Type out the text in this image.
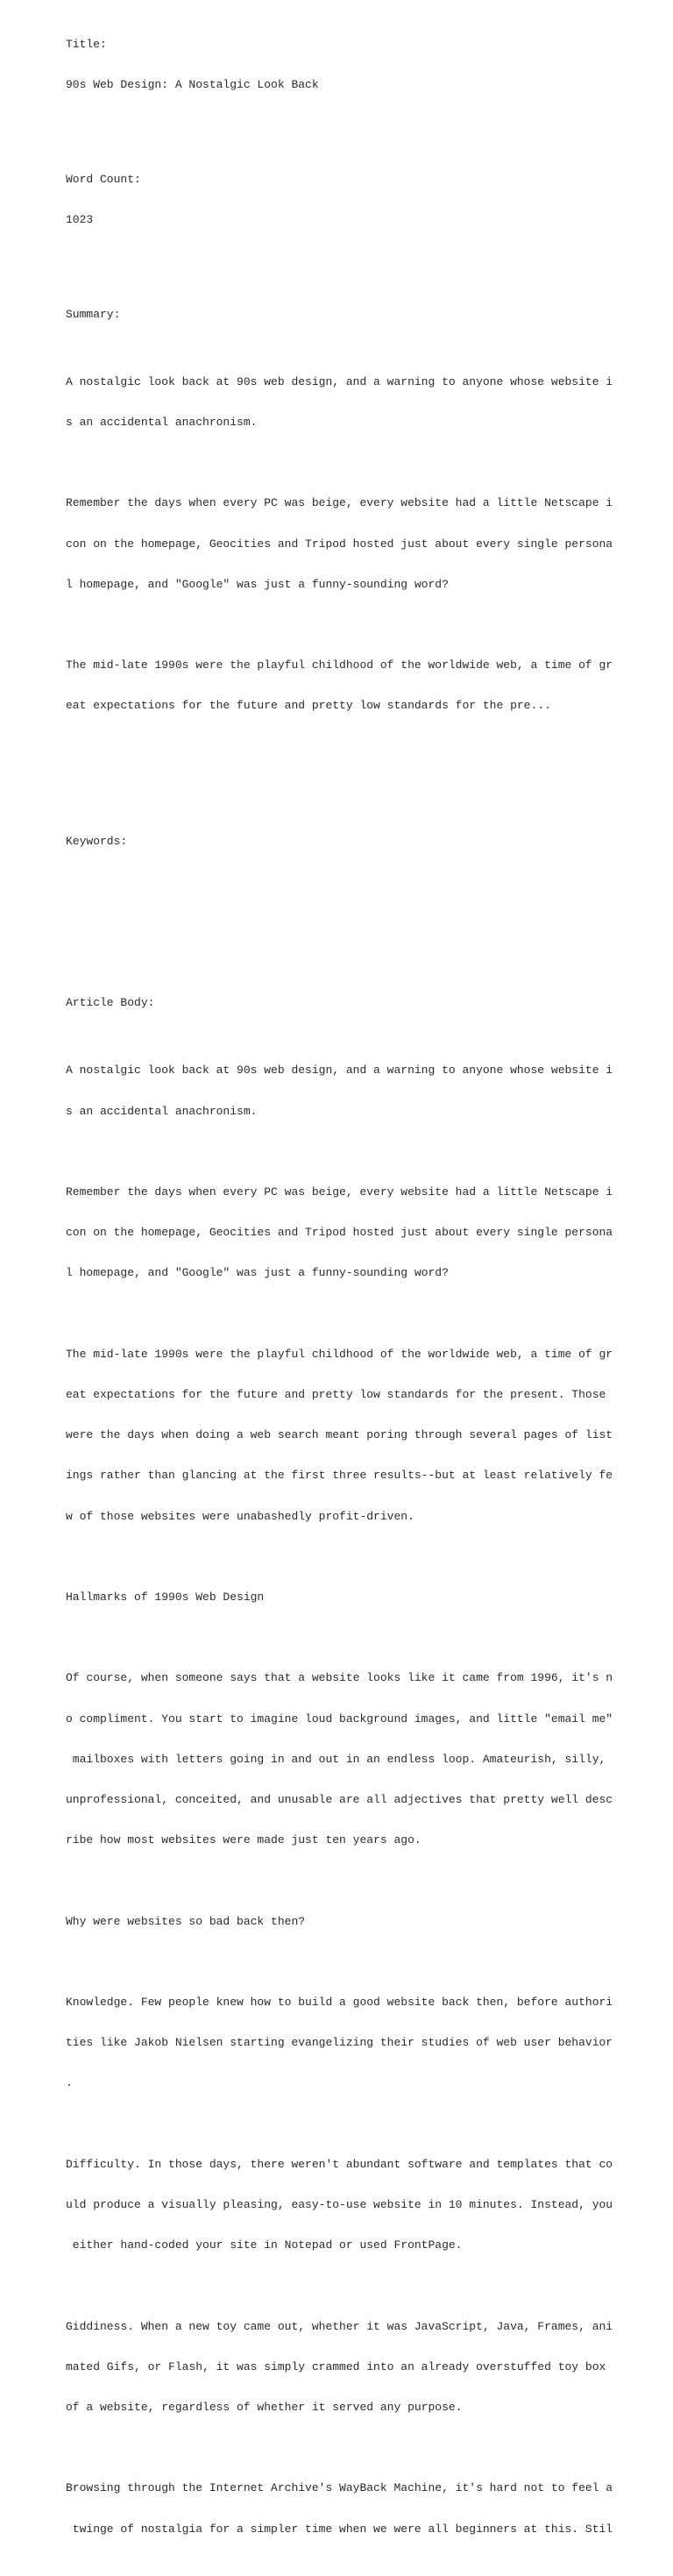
Title:

90s Web Design: A Nostalgic Look Back

Word Count:

1023

Summary:

A nostalgic look back at 90s web design, and a warning to anyone whose website i

s an accidental anachronism.

Remember the days when every PC was beige, every website had a little Netscape i

con on the homepage, Geocities and Tripod hosted just about every single persona

l homepage, and "Google" was just a funny-sounding word?

The mid-late 1990s were the playful childhood of the worldwide web, a time of gr

eat expectations for the future and pretty low standards for the pre...

Keywords:

Article Body:

A nostalgic look back at 90s web design, and a warning to anyone whose website i

s an accidental anachronism.

Remember the days when every PC was beige, every website had a little Netscape i

con on the homepage, Geocities and Tripod hosted just about every single persona

l homepage, and "Google" was just a funny-sounding word?

The mid-late 1990s were the playful childhood of the worldwide web, a time of gr

eat expectations for the future and pretty low standards for the present. Those

were the days when doing a web search meant poring through several pages of list

ings rather than glancing at the first three results--but at least relatively fe

w of those websites were unabashedly profit-driven.

Hallmarks of 1990s Web Design

Of course, when someone says that a website looks like it came from 1996, it's n

o compliment. You start to imagine loud background images, and little "email me"

mailboxes with letters going in and out in an endless loop. Amateurish, silly,

unprofessional, conceited, and unusable are all adjectives that pretty well desc

ribe how most websites were made just ten years ago.

Why were websites so bad back then?

Knowledge. Few people knew how to build a good website back then, before authori

ties like Jakob Nielsen starting evangelizing their studies of web user behavior

.

Difficulty. In those days, there weren't abundant software and templates that co

uld produce a visually pleasing, easy-to-use website in 10 minutes. Instead, you

either hand-coded your site in Notepad or used FrontPage.

Giddiness. When a new toy came out, whether it was JavaScript, Java, Frames, ani

mated Gifs, or Flash, it was simply crammed into an already overstuffed toy box

of a website, regardless of whether it served any purpose.

Browsing through the Internet Archive's WayBack Machine, it's hard not to feel a

twinge of nostalgia for a simpler time when we were all beginners at this. Stil
